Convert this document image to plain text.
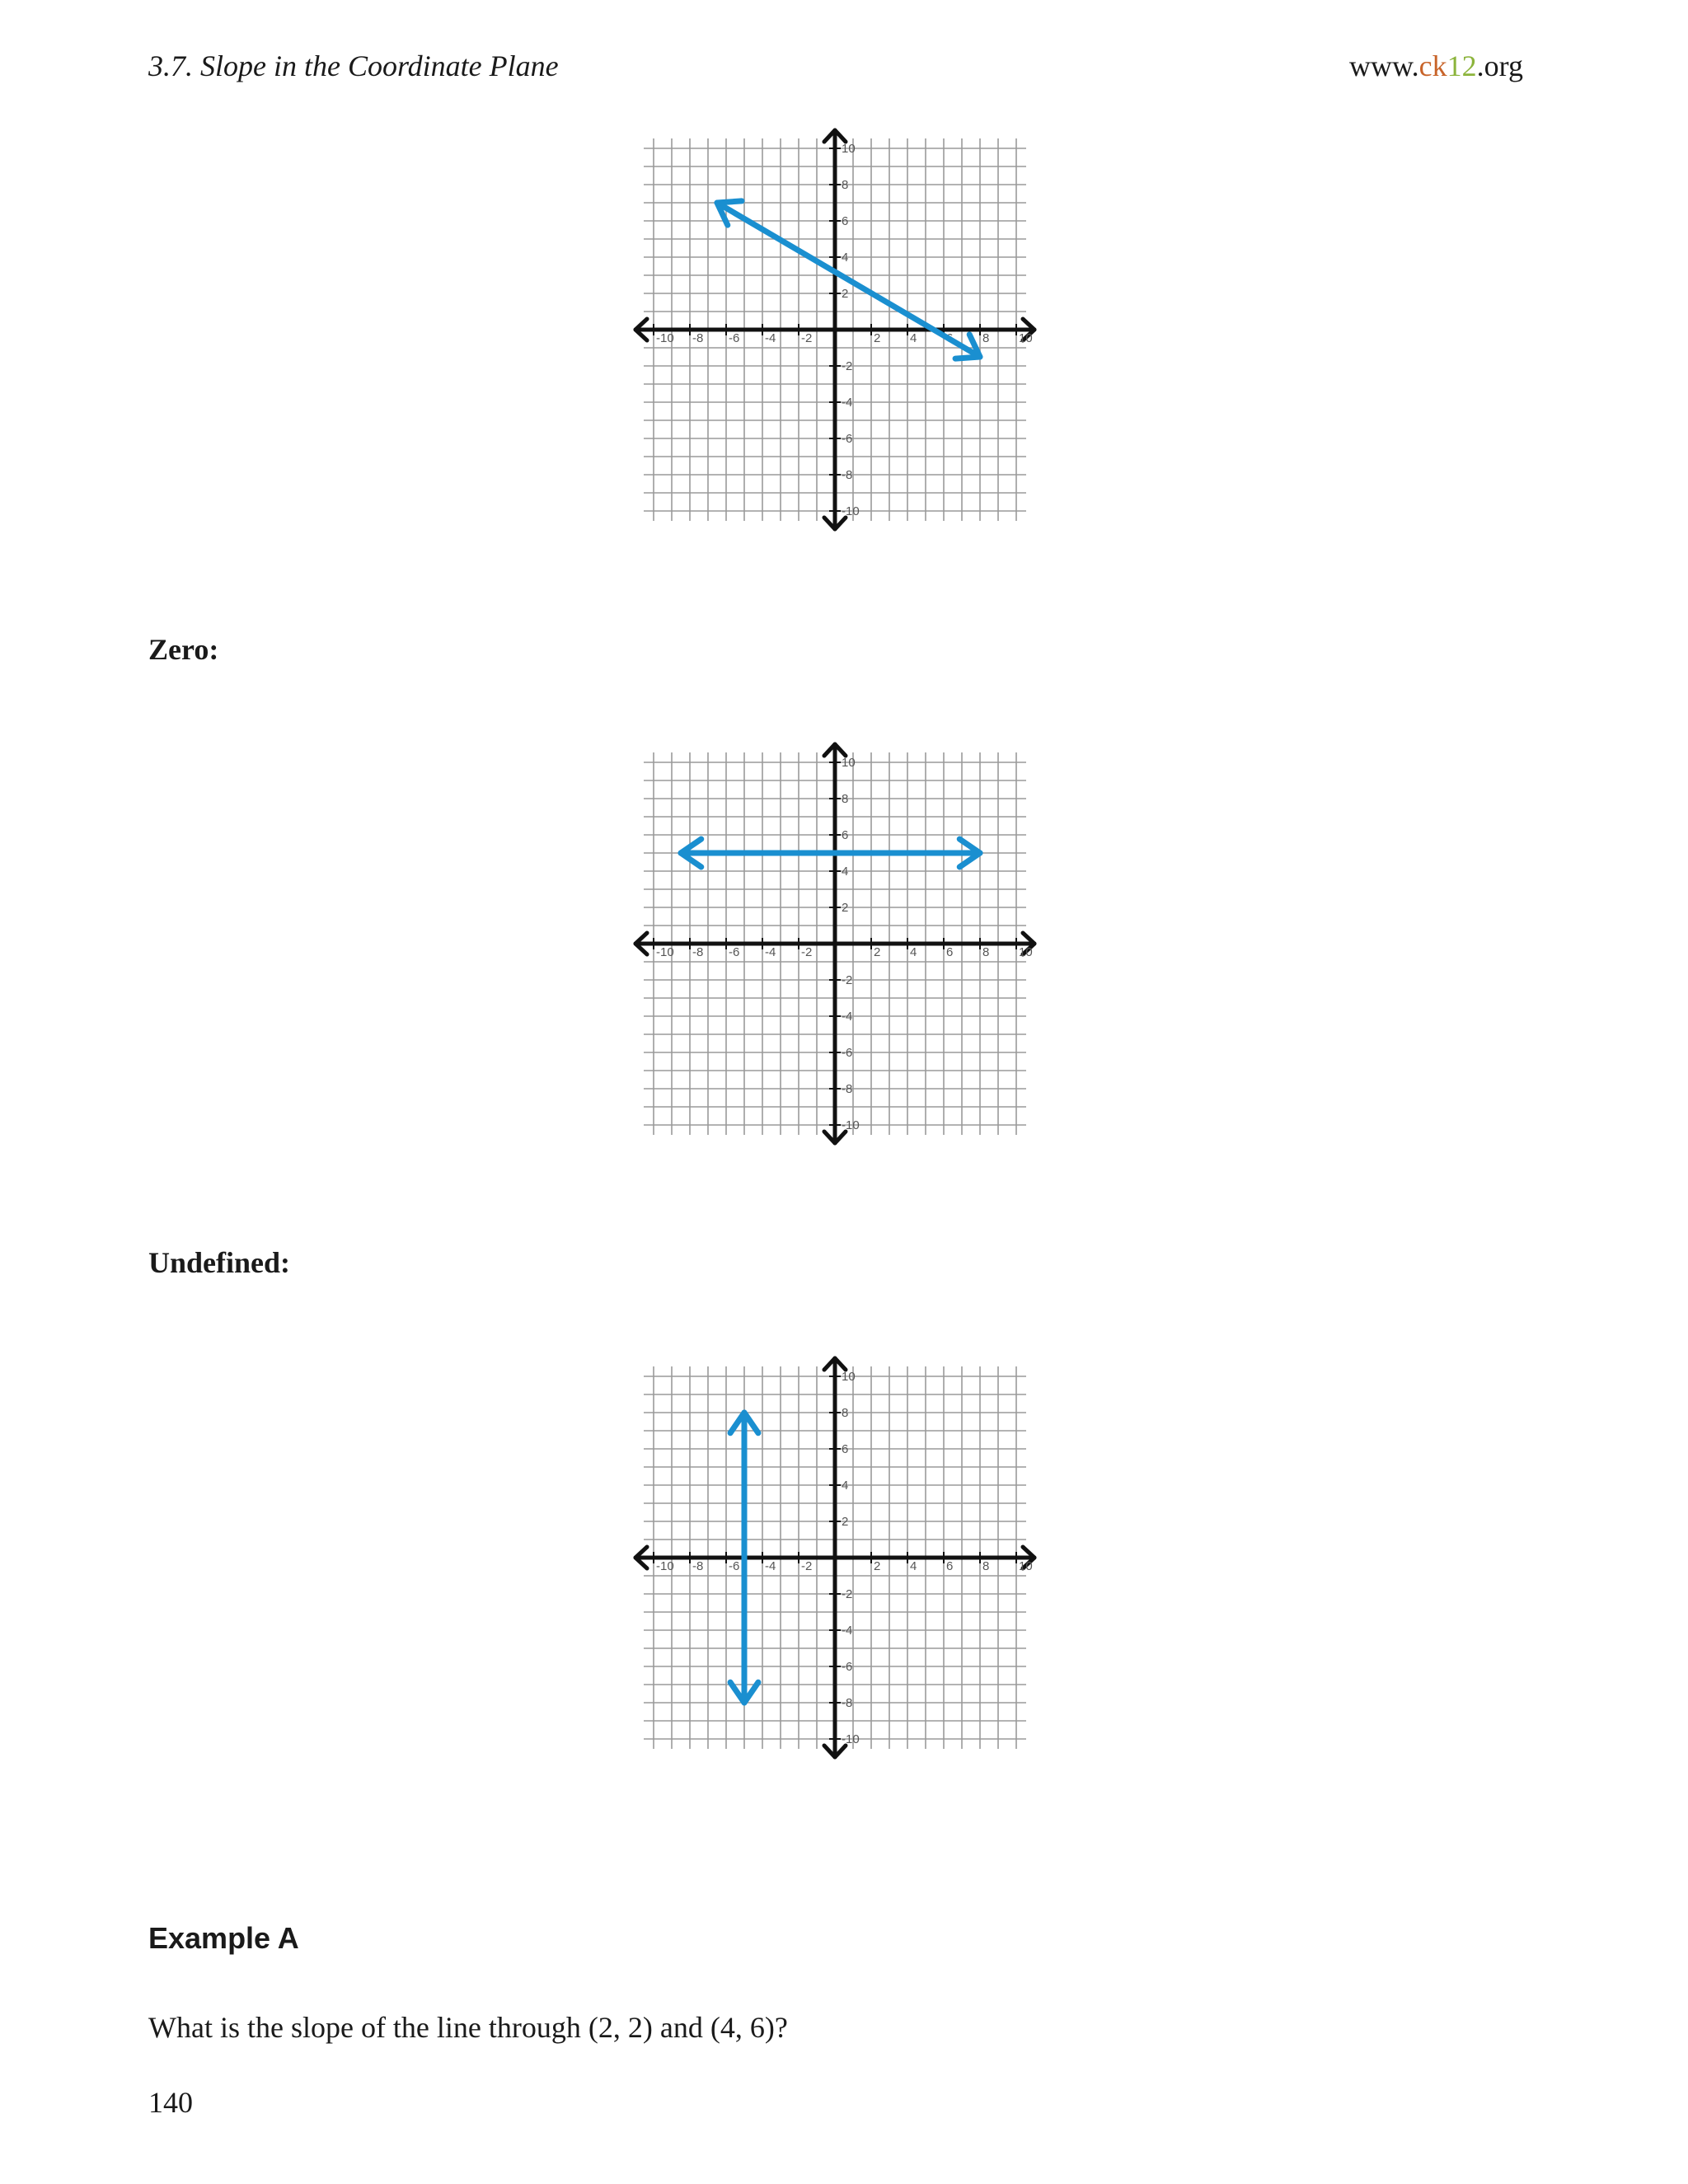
3.7. Slope in the Coordinate Plane	www.ck12.org
-10 -8 -6 -4 -2	2 4 6 8 10
10
8
6
4
2
-2
-4
-6
-8
-10
Zero:
-10 -8 -6 -4 -2	2 4 6 8 10
10
8
6
4
2
-2
-4
-6
-8
-10
Undefined:
-10 -8 -6 -4 -2	2 4 6 8 10
10
8
6
4
2
-2
-4
-6
-8
-10
Example A
What is the slope of the line through (2, 2) and (4, 6)?
140
